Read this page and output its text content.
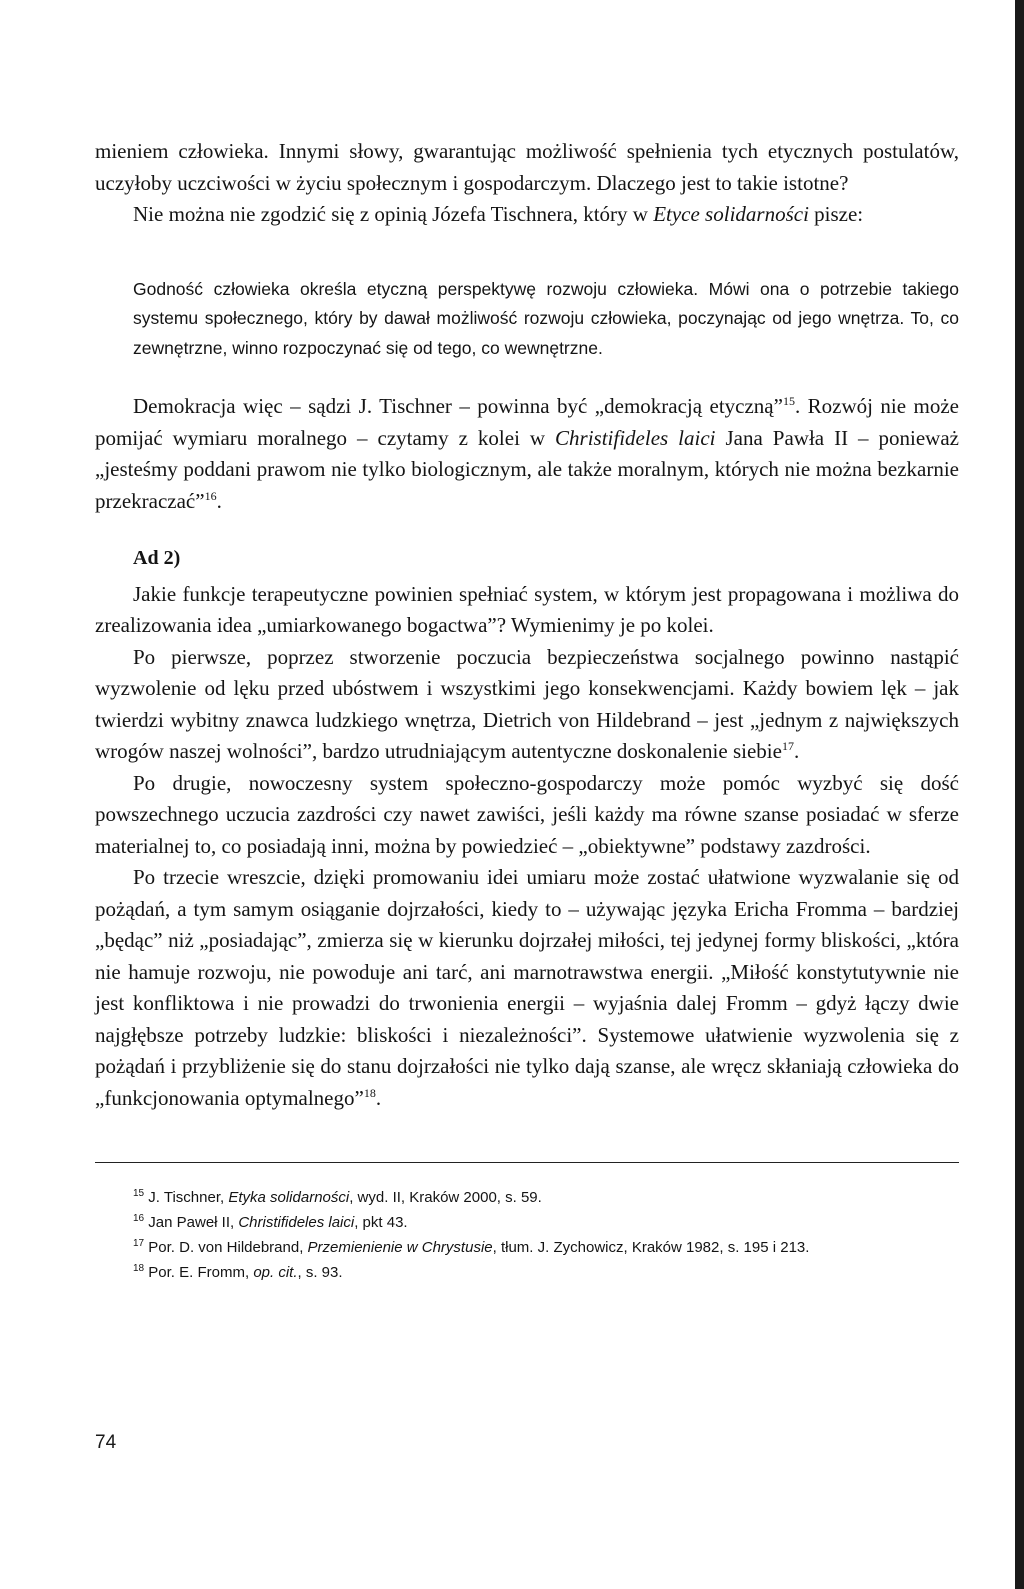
mieniem człowieka. Innymi słowy, gwarantując możliwość spełnienia tych etycznych postulatów, uczyłoby uczciwości w życiu społecznym i gospodarczym. Dlaczego jest to takie istotne?

Nie można nie zgodzić się z opinią Józefa Tischnera, który w Etyce solidarności pisze:

Godność człowieka określa etyczną perspektywę rozwoju człowieka. Mówi ona o potrzebie takiego systemu społecznego, który by dawał możliwość rozwoju człowieka, poczynając od jego wnętrza. To, co zewnętrzne, winno rozpoczynać się od tego, co wewnętrzne.

Demokracja więc – sądzi J. Tischner – powinna być „demokracją etyczną”$^{15}$. Rozwój nie może pomijać wymiaru moralnego – czytamy z kolei w Christifideles laici Jana Pawła II – ponieważ „jesteśmy poddani prawom nie tylko biologicznym, ale także moralnym, których nie można bezkarnie przekraczać”$^{16}$.

Ad 2)

Jakie funkcje terapeutyczne powinien spełniać system, w którym jest propagowana i możliwa do zrealizowania idea „umiarkowanego bogactwa”? Wymienimy je po kolei.

Po pierwsze, poprzez stworzenie poczucia bezpieczeństwa socjalnego powinno nastąpić wyzwolenie od lęku przed ubóstwem i wszystkimi jego konsekwencjami. Każdy bowiem lęk – jak twierdzi wybitny znawca ludzkiego wnętrza, Dietrich von Hildebrand – jest „jednym z największych wrogów naszej wolności”, bardzo utrudniającym autentyczne doskonalenie siebie$^{17}$.

Po drugie, nowoczesny system społeczno-gospodarczy może pomóc wyzbyć się dość powszechnego uczucia zazdrości czy nawet zawiści, jeśli każdy ma równe szanse posiadać w sferze materialnej to, co posiadają inni, można by powiedzieć – „obiektywne” podstawy zazdrości.

Po trzecie wreszcie, dzięki promowaniu idei umiaru może zostać ułatwione wyzwalanie się od pożądań, a tym samym osiąganie dojrzałości, kiedy to – używając języka Ericha Fromma – bardziej „będąc” niż „posiadając”, zmierza się w kierunku dojrzałej miłości, tej jedynej formy bliskości, „która nie hamuje rozwoju, nie powoduje ani tarć, ani marnotrawstwa energii. „Miłość konstytutywnie nie jest konfliktowa i nie prowadzi do trwonienia energii – wyjaśnia dalej Fromm – gdyż łączy dwie najgłębsze potrzeby ludzkie: bliskości i niezależności”. Systemowe ułatwienie wyzwolenia się z pożądań i przybliżenie się do stanu dojrzałości nie tylko dają szanse, ale wręcz skłaniają człowieka do „funkcjonowania optymalnego”$^{18}$.

$^{15}$ J. Tischner, Etyka solidarności, wyd. II, Kraków 2000, s. 59.
$^{16}$ Jan Paweł II, Christifideles laici, pkt 43.
$^{17}$ Por. D. von Hildebrand, Przemienienie w Chrystusie, tłum. J. Zychowicz, Kraków 1982, s. 195 i 213.
$^{18}$ Por. E. Fromm, op. cit., s. 93.
74
